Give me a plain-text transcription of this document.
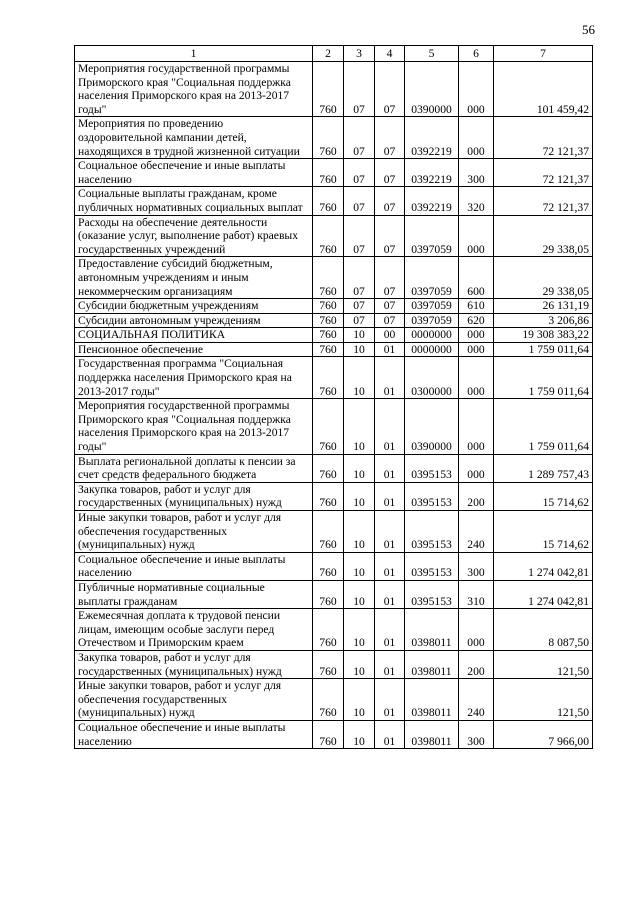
56
1	2	3	4	5	6	7
Мероприятия государственной программы Приморского края "Социальная поддержка населения Приморского края на 2013-2017 годы"	760	07	07	0390000	000	101 459,42
Мероприятия по проведению оздоровительной кампании детей, находящихся в трудной жизненной ситуации	760	07	07	0392219	000	72 121,37
Социальное обеспечение и иные выплаты населению	760	07	07	0392219	300	72 121,37
Социальные выплаты гражданам, кроме публичных нормативных социальных выплат	760	07	07	0392219	320	72 121,37
Расходы на обеспечение деятельности (оказание услуг, выполнение работ) краевых государственных учреждений	760	07	07	0397059	000	29 338,05
Предоставление субсидий бюджетным, автономным учреждениям и иным некоммерческим организациям	760	07	07	0397059	600	29 338,05
Субсидии бюджетным учреждениям	760	07	07	0397059	610	26 131,19
Субсидии автономным учреждениям	760	07	07	0397059	620	3 206,86
СОЦИАЛЬНАЯ ПОЛИТИКА	760	10	00	0000000	000	19 308 383,22
Пенсионное обеспечение	760	10	01	0000000	000	1 759 011,64
Государственная программа "Социальная поддержка населения Приморского края на 2013-2017 годы"	760	10	01	0300000	000	1 759 011,64
Мероприятия государственной программы Приморского края "Социальная поддержка населения Приморского края на 2013-2017 годы"	760	10	01	0390000	000	1 759 011,64
Выплата региональной доплаты к пенсии за счет средств федерального бюджета	760	10	01	0395153	000	1 289 757,43
Закупка товаров, работ и услуг для государственных (муниципальных) нужд	760	10	01	0395153	200	15 714,62
Иные закупки товаров, работ и услуг для обеспечения государственных (муниципальных) нужд	760	10	01	0395153	240	15 714,62
Социальное обеспечение и иные выплаты населению	760	10	01	0395153	300	1 274 042,81
Публичные нормативные социальные выплаты гражданам	760	10	01	0395153	310	1 274 042,81
Ежемесячная доплата к трудовой пенсии лицам, имеющим особые заслуги перед Отечеством и Приморским краем	760	10	01	0398011	000	8 087,50
Закупка товаров, работ и услуг для государственных (муниципальных) нужд	760	10	01	0398011	200	121,50
Иные закупки товаров, работ и услуг для обеспечения государственных (муниципальных) нужд	760	10	01	0398011	240	121,50
Социальное обеспечение и иные выплаты населению	760	10	01	0398011	300	7 966,00
